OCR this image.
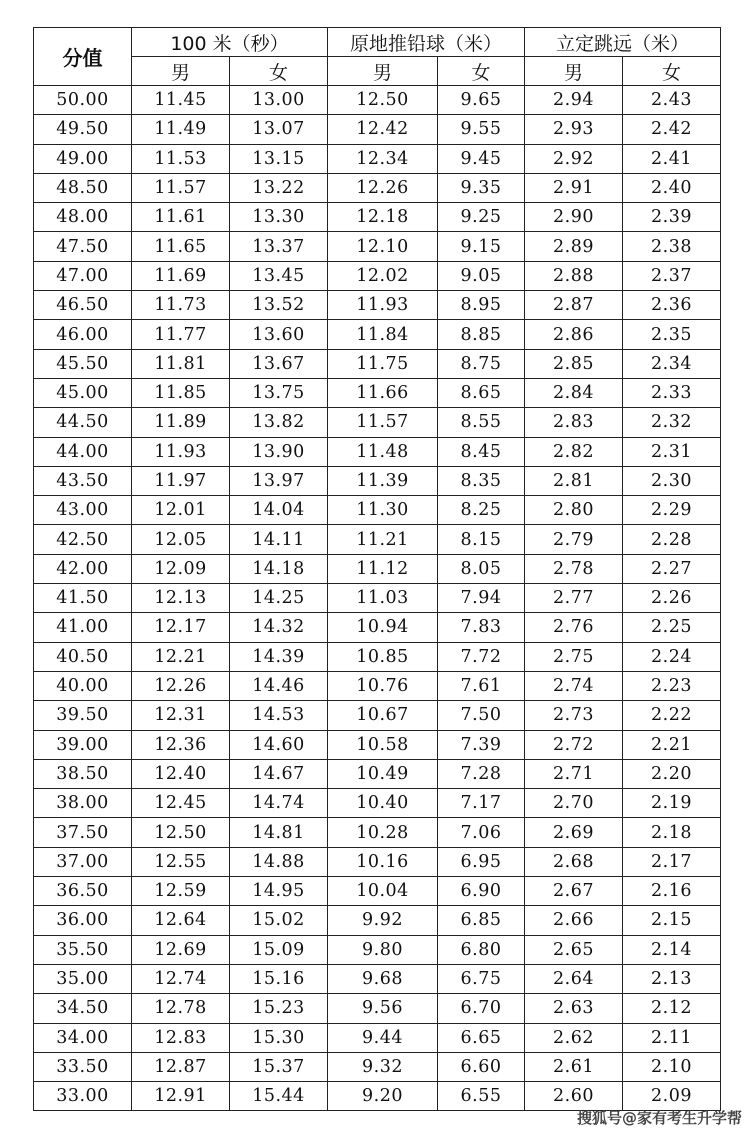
分值	100 米（秒）		原地推铅球（米）		立定跳远（米）	
	男	女	男	女	男	女
50.00	11.45	13.00	12.50	9.65	2.94	2.43
49.50	11.49	13.07	12.42	9.55	2.93	2.42
49.00	11.53	13.15	12.34	9.45	2.92	2.41
48.50	11.57	13.22	12.26	9.35	2.91	2.40
48.00	11.61	13.30	12.18	9.25	2.90	2.39
47.50	11.65	13.37	12.10	9.15	2.89	2.38
47.00	11.69	13.45	12.02	9.05	2.88	2.37
46.50	11.73	13.52	11.93	8.95	2.87	2.36
46.00	11.77	13.60	11.84	8.85	2.86	2.35
45.50	11.81	13.67	11.75	8.75	2.85	2.34
45.00	11.85	13.75	11.66	8.65	2.84	2.33
44.50	11.89	13.82	11.57	8.55	2.83	2.32
44.00	11.93	13.90	11.48	8.45	2.82	2.31
43.50	11.97	13.97	11.39	8.35	2.81	2.30
43.00	12.01	14.04	11.30	8.25	2.80	2.29
42.50	12.05	14.11	11.21	8.15	2.79	2.28
42.00	12.09	14.18	11.12	8.05	2.78	2.27
41.50	12.13	14.25	11.03	7.94	2.77	2.26
41.00	12.17	14.32	10.94	7.83	2.76	2.25
40.50	12.21	14.39	10.85	7.72	2.75	2.24
40.00	12.26	14.46	10.76	7.61	2.74	2.23
39.50	12.31	14.53	10.67	7.50	2.73	2.22
39.00	12.36	14.60	10.58	7.39	2.72	2.21
38.50	12.40	14.67	10.49	7.28	2.71	2.20
38.00	12.45	14.74	10.40	7.17	2.70	2.19
37.50	12.50	14.81	10.28	7.06	2.69	2.18
37.00	12.55	14.88	10.16	6.95	2.68	2.17
36.50	12.59	14.95	10.04	6.90	2.67	2.16
36.00	12.64	15.02	9.92	6.85	2.66	2.15
35.50	12.69	15.09	9.80	6.80	2.65	2.14
35.00	12.74	15.16	9.68	6.75	2.64	2.13
34.50	12.78	15.23	9.56	6.70	2.63	2.12
34.00	12.83	15.30	9.44	6.65	2.62	2.11
33.50	12.87	15.37	9.32	6.60	2.61	2.10
33.00	12.91	15.44	9.20	6.55	2.60	2.09
搜狐号@家有考生升学帮
